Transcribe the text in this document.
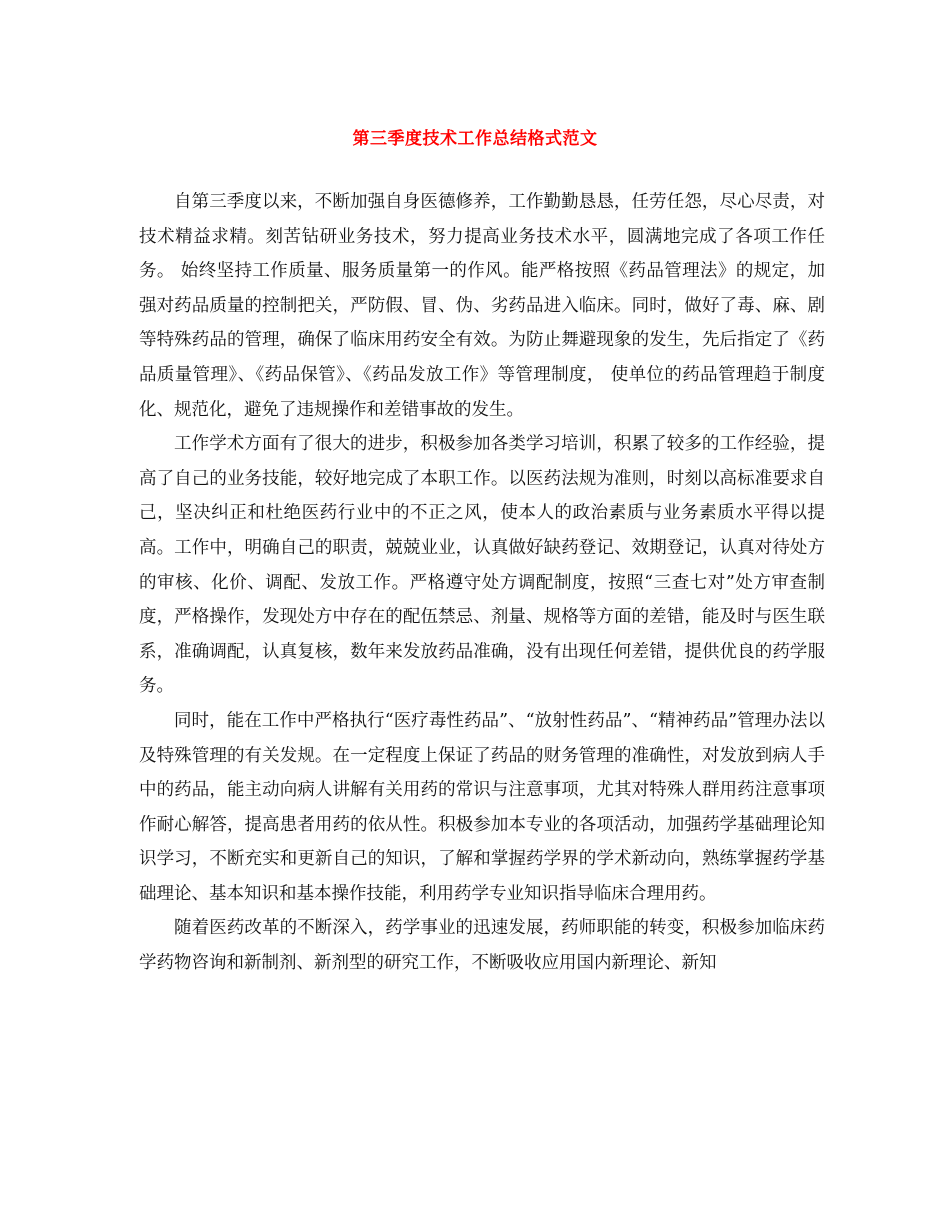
第三季度技术工作总结格式范文

自第三季度以来，不断加强自身医德修养，工作勤勤恳恳，任劳任怨，尽心尽责，对技术精益求精。刻苦钻研业务技术，努力提高业务技术水平，圆满地完成了各项工作任务。 始终坚持工作质量、服务质量第一的作风。能严格按照《药品管理法》的规定，加强对药品质量的控制把关，严防假、冒、伪、劣药品进入临床。同时，做好了毒、麻、剧等特殊药品的管理，确保了临床用药安全有效。为防止舞避现象的发生，先后指定了《药品质量管理》、《药品保管》、《药品发放工作》等管理制度， 使单位的药品管理趋于制度化、规范化，避免了违规操作和差错事故的发生。

工作学术方面有了很大的进步，积极参加各类学习培训，积累了较多的工作经验，提高了自己的业务技能，较好地完成了本职工作。以医药法规为准则，时刻以高标准要求自己，坚决纠正和杜绝医药行业中的不正之风，使本人的政治素质与业务素质水平得以提高。工作中，明确自己的职责，兢兢业业，认真做好缺药登记、效期登记，认真对待处方的审核、化价、调配、发放工作。严格遵守处方调配制度，按照“三查七对”处方审查制度，严格操作，发现处方中存在的配伍禁忌、剂量、规格等方面的差错，能及时与医生联系，准确调配，认真复核，数年来发放药品准确，没有出现任何差错，提供优良的药学服务。

同时，能在工作中严格执行“医疗毒性药品”、“放射性药品”、“精神药品”管理办法以及特殊管理的有关发规。在一定程度上保证了药品的财务管理的准确性，对发放到病人手中的药品，能主动向病人讲解有关用药的常识与注意事项，尤其对特殊人群用药注意事项作耐心解答，提高患者用药的依从性。积极参加本专业的各项活动，加强药学基础理论知识学习，不断充实和更新自己的知识，了解和掌握药学界的学术新动向，熟练掌握药学基础理论、基本知识和基本操作技能，利用药学专业知识指导临床合理用药。

随着医药改革的不断深入，药学事业的迅速发展，药师职能的转变，积极参加临床药学药物咨询和新制剂、新剂型的研究工作，不断吸收应用国内新理论、新知
